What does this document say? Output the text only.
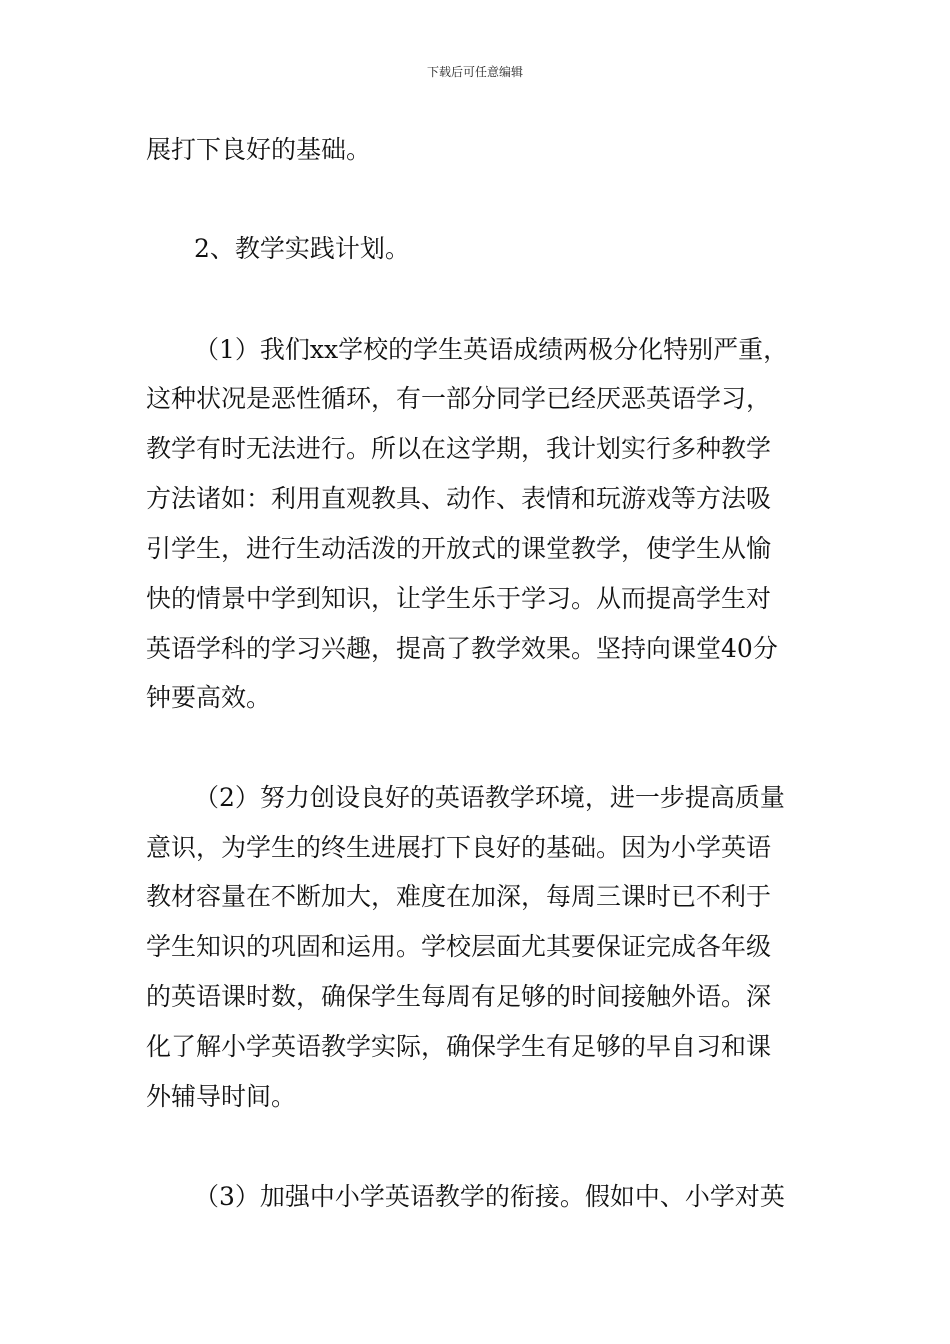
下载后可任意编辑
展打下良好的基础。
2、教学实践计划。
（1）我们xx学校的学生英语成绩两极分化特别严重，
这种状况是恶性循环，有一部分同学已经厌恶英语学习，
教学有时无法进行。所以在这学期，我计划实行多种教学
方法诸如：利用直观教具、动作、表情和玩游戏等方法吸
引学生，进行生动活泼的开放式的课堂教学，使学生从愉
快的情景中学到知识，让学生乐于学习。从而提高学生对
英语学科的学习兴趣，提高了教学效果。坚持向课堂40分
钟要高效。
（2）努力创设良好的英语教学环境，进一步提高质量
意识，为学生的终生进展打下良好的基础。因为小学英语
教材容量在不断加大，难度在加深，每周三课时已不利于
学生知识的巩固和运用。学校层面尤其要保证完成各年级
的英语课时数，确保学生每周有足够的时间接触外语。深
化了解小学英语教学实际，确保学生有足够的早自习和课
外辅导时间。
（3）加强中小学英语教学的衔接。假如中、小学对英
